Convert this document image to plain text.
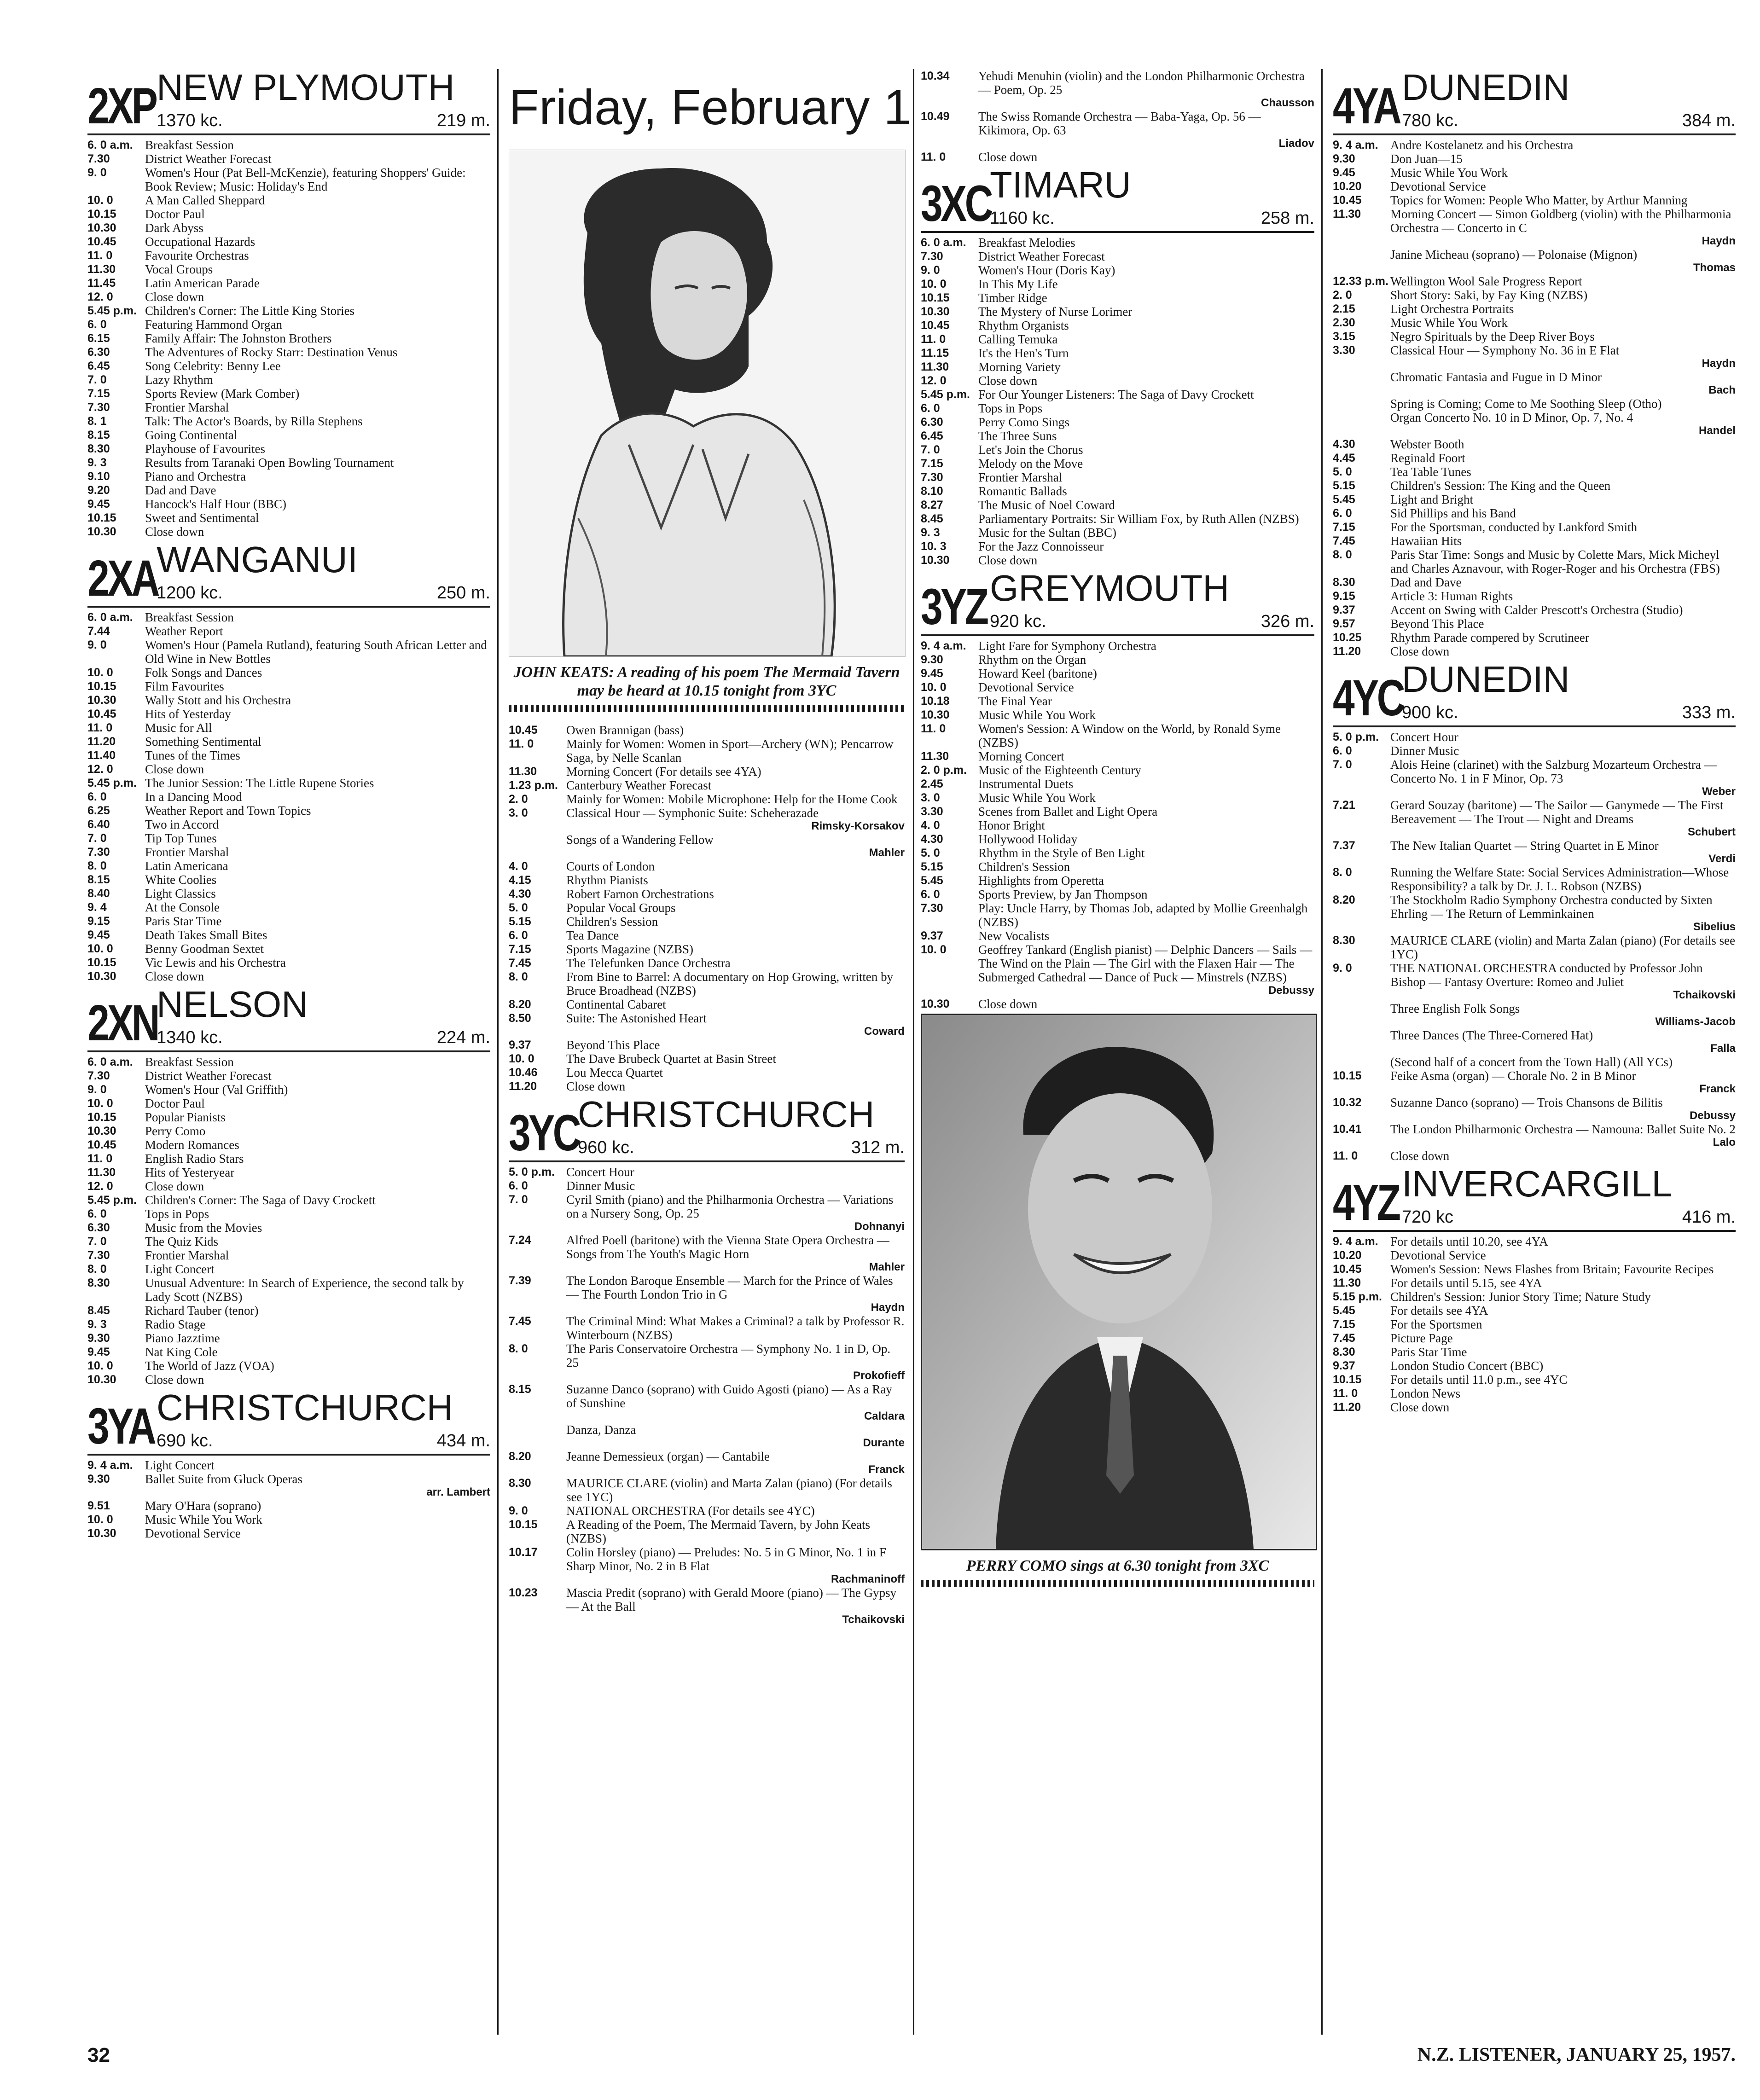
2XP NEW PLYMOUTH
1370 kc.	219 m.
6. 0 a.m. Breakfast Session
7.30	District Weather Forecast
9. 0	Women's Hour (Pat Bell-McKenzie), featuring Shoppers' Guide: Book Review; Music: Holiday's End
10. 0	A Man Called Sheppard
10.15	Doctor Paul
10.30	Dark Abyss
10.45	Occupational Hazards
11. 0	Favourite Orchestras
11.30	Vocal Groups
11.45	Latin American Parade
12. 0	Close down
5.45 p.m. Children's Corner: The Little King Stories
6. 0	Featuring Hammond Organ
6.15	Family Affair: The Johnston Brothers
6.30	The Adventures of Rocky Starr: Destination Venus
6.45	Song Celebrity: Benny Lee
7. 0	Lazy Rhythm
7.15	Sports Review (Mark Comber)
7.30	Frontier Marshal
8. 1	Talk: The Actor's Boards, by Rilla Stephens
8.15	Going Continental
8.30	Playhouse of Favourites
9. 3	Results from Taranaki Open Bowling Tournament
9.10	Piano and Orchestra
9.20	Dad and Dave
9.45	Hancock's Half Hour (BBC)
10.15	Sweet and Sentimental
10.30	Close down
2XA
WANGANUI
1200 kc.	250 m.
6. 0 a.m. Breakfast Session
7.44	Weather Report
9. 0	Women's Hour (Pamela Rutland), featuring South African Letter and Old Wine in New Bottles
10. 0	Folk Songs and Dances
10.15	Film Favourites
10.30	Wally Stott and his Orchestra
10.45	Hits of Yesterday
11. 0	Music for All
11.20	Something Sentimental
11.40	Tunes of the Times
12. 0	Close down
5.45 p.m. The Junior Session: The Little Rupene Stories
6. 0	In a Dancing Mood
6.25	Weather Report and Town Topics
6.40	Two in Accord
7. 0	Tip Top Tunes
7.30	Frontier Marshal
8. 0	Latin Americana
8.15	White Coolies
8.40	Light Classics
9. 4	At the Console
9.15	Paris Star Time
9.45	Death Takes Small Bites
10. 0	Benny Goodman Sextet
10.15	Vic Lewis and his Orchestra
10.30	Close down
2XN
NELSON
1340 kc.	224 m.
6. 0 a.m. Breakfast Session
7.30	District Weather Forecast
9. 0	Women's Hour (Val Griffith)
10. 0	Doctor Paul
10.15	Popular Pianists
10.30	Perry Como
10.45	Modern Romances
11. 0	English Radio Stars
11.30	Hits of Yesteryear
12. 0	Close down
5.45 p.m. Children's Corner: The Saga of Davy Crockett
6. 0	Tops in Pops
6.30	Music from the Movies
7. 0	The Quiz Kids
7.30	Frontier Marshal
8. 0	Light Concert
8.30	Unusual Adventure: In Search of Experience, the second talk by Lady Scott (NZBS)
8.45	Richard Tauber (tenor)
9. 3	Radio Stage
9.30	Piano Jazztime
9.45	Nat King Cole
10. 0	The World of Jazz (VOA)
10.30	Close down
3YA CHRISTCHURCH
690 kc.	434 m.
9. 4 a.m. Light Concert
9.30	Ballet Suite from Gluck Operas
arr. Lambert
9.51	Mary O'Hara (soprano)
10. 0	Music While You Work
10.30	Devotional Service
Friday, February 1
JOHN KEATS: A reading of his poem The Mermaid Tavern may be heard at 10.15 tonight from 3YC
10.45	Owen Brannigan (bass)
11. 0	Mainly for Women: Women in Sport—Archery (WN); Pencarrow Saga, by Nelle Scanlan
11.30	Morning Concert (For details see 4YA)
1.23 p.m. Canterbury Weather Forecast
2. 0	Mainly for Women: Mobile Microphone: Help for the Home Cook
3. 0	Classical Hour — Symphonic Suite: Scheherazade
Rimsky-Korsakov
Songs of a Wandering Fellow
Mahler
4. 0	Courts of London
4.15	Rhythm Pianists
4.30	Robert Farnon Orchestrations
5. 0	Popular Vocal Groups
5.15	Children's Session
6. 0	Tea Dance
7.15	Sports Magazine (NZBS)
7.45	The Telefunken Dance Orchestra
8. 0	From Bine to Barrel: A documentary on Hop Growing, written by Bruce Broadhead (NZBS)
8.20	Continental Cabaret
8.50	Suite: The Astonished Heart
Coward
9.37	Beyond This Place
10. 0	The Dave Brubeck Quartet at Basin Street
10.46	Lou Mecca Quartet
11.20	Close down
3YC
CHRISTCHURCH
960 kc.	312 m.
5. 0 p.m. Concert Hour
6. 0	Dinner Music
7. 0	Cyril Smith (piano) and the Philharmonia Orchestra — Variations on a Nursery Song, Op. 25
Dohnanyi
7.24	Alfred Poell (baritone) with the Vienna State Opera Orchestra — Songs from The Youth's Magic Horn
Mahler
7.39	The London Baroque Ensemble — March for the Prince of Wales — The Fourth London Trio in G
Haydn
7.45	The Criminal Mind: What Makes a Criminal? a talk by Professor R. Winterbourn (NZBS)
8. 0	The Paris Conservatoire Orchestra — Symphony No. 1 in D, Op. 25
Prokofieff
8.15	Suzanne Danco (soprano) with Guido Agosti (piano) — As a Ray of Sunshine
Caldara
Danza, Danza
Durante
8.20	Jeanne Demessieux (organ) — Cantabile
Franck
8.30	MAURICE CLARE (violin) and Marta Zalan (piano) (For details see 1YC)
9. 0	NATIONAL ORCHESTRA (For details see 4YC)
10.15	A Reading of the Poem, The Mermaid Tavern, by John Keats (NZBS)
10.17	Colin Horsley (piano) — Preludes: No. 5 in G Minor, No. 1 in F Sharp Minor, No. 2 in B Flat
Rachmaninoff
10.23	Mascia Predit (soprano) with Gerald Moore (piano) — The Gypsy — At the Ball
Tchaikovski
10.34	Yehudi Menuhin (violin) and the London Philharmonic Orchestra — Poem, Op. 25
Chausson
10.49	The Swiss Romande Orchestra — Baba-Yaga, Op. 56 — Kikimora, Op. 63
Liadov
11. 0	Close down
3XC
TIMARU
1160 kc.	258 m.
6. 0 a.m. Breakfast Melodies
7.30	District Weather Forecast
9. 0	Women's Hour (Doris Kay)
10. 0	In This My Life
10.15	Timber Ridge
10.30	The Mystery of Nurse Lorimer
10.45	Rhythm Organists
11. 0	Calling Temuka
11.15	It's the Hen's Turn
11.30	Morning Variety
12. 0	Close down
5.45 p.m. For Our Younger Listeners: The Saga of Davy Crockett
6. 0	Tops in Pops
6.30	Perry Como Sings
6.45	The Three Suns
7. 0	Let's Join the Chorus
7.15	Melody on the Move
7.30	Frontier Marshal
8.10	Romantic Ballads
8.27	The Music of Noel Coward
8.45	Parliamentary Portraits: Sir William Fox, by Ruth Allen (NZBS)
9. 3	Music for the Sultan (BBC)
10. 3	For the Jazz Connoisseur
10.30	Close down
3YZ GREYMOUTH
920 kc.	326 m.
9. 4 a.m. Light Fare for Symphony Orchestra
9.30	Rhythm on the Organ
9.45	Howard Keel (baritone)
10. 0	Devotional Service
10.18	The Final Year
10.30	Music While You Work
11. 0	Women's Session: A Window on the World, by Ronald Syme (NZBS)
11.30	Morning Concert
2. 0 p.m. Music of the Eighteenth Century
2.45	Instrumental Duets
3. 0	Music While You Work
3.30	Scenes from Ballet and Light Opera
4. 0	Honor Bright
4.30	Hollywood Holiday
5. 0	Rhythm in the Style of Ben Light
5.15	Children's Session
5.45	Highlights from Operetta
6. 0	Sports Preview, by Jan Thompson
7.30	Play: Uncle Harry, by Thomas Job, adapted by Mollie Greenhalgh (NZBS)
9.37	New Vocalists
10. 0	Geoffrey Tankard (English pianist) — Delphic Dancers — Sails — The Wind on the Plain — The Girl with the Flaxen Hair — The Submerged Cathedral — Dance of Puck — Minstrels (NZBS)
Debussy
10.30	Close down
PERRY COMO sings at 6.30 tonight from 3XC
4YA DUNEDIN
780 kc.	384 m.
9. 4 a.m. Andre Kostelanetz and his Orchestra
9.30	Don Juan—15
9.45	Music While You Work
10.20	Devotional Service
10.45	Topics for Women: People Who Matter, by Arthur Manning
11.30	Morning Concert — Simon Goldberg (violin) with the Philharmonia Orchestra — Concerto in C
Haydn
Janine Micheau (soprano) — Polonaise (Mignon)
Thomas
12.33 p.m. Wellington Wool Sale Progress Report
2. 0	Short Story: Saki, by Fay King (NZBS)
2.15	Light Orchestra Portraits
2.30	Music While You Work
3.15	Negro Spirituals by the Deep River Boys
3.30	Classical Hour — Symphony No. 36 in E Flat
Haydn
Chromatic Fantasia and Fugue in D Minor
Bach
Spring is Coming; Come to Me Soothing Sleep (Otho)
Organ Concerto No. 10 in D Minor, Op. 7, No. 4
Handel
4.30	Webster Booth
4.45	Reginald Foort
5. 0	Tea Table Tunes
5.15	Children's Session: The King and the Queen
5.45	Light and Bright
6. 0	Sid Phillips and his Band
7.15	For the Sportsman, conducted by Lankford Smith
7.45	Hawaiian Hits
8. 0	Paris Star Time: Songs and Music by Colette Mars, Mick Micheyl and Charles Aznavour, with Roger-Roger and his Orchestra (FBS)
8.30	Dad and Dave
9.15	Article 3: Human Rights
9.37	Accent on Swing with Calder Prescott's Orchestra (Studio)
9.57	Beyond This Place
10.25	Rhythm Parade compered by Scrutineer
11.20	Close down
4YC
DUNEDIN
900 kc.	333 m.
5. 0 p.m. Concert Hour
6. 0	Dinner Music
7. 0	Alois Heine (clarinet) with the Salzburg Mozarteum Orchestra — Concerto No. 1 in F Minor, Op. 73
Weber
7.21	Gerard Souzay (baritone) — The Sailor — Ganymede — The First Bereavement — The Trout — Night and Dreams
Schubert
7.37	The New Italian Quartet — String Quartet in E Minor
Verdi
8. 0	Running the Welfare State: Social Services Administration—Whose Responsibility? a talk by Dr. J. L. Robson (NZBS)
8.20	The Stockholm Radio Symphony Orchestra conducted by Sixten Ehrling — The Return of Lemminkainen
Sibelius
8.30	MAURICE CLARE (violin) and Marta Zalan (piano) (For details see 1YC)
9. 0	THE NATIONAL ORCHESTRA conducted by Professor John Bishop — Fantasy Overture: Romeo and Juliet
Tchaikovski
Three English Folk Songs
Williams-Jacob
Three Dances (The Three-Cornered Hat)
Falla
(Second half of a concert from the Town Hall) (All YCs)
10.15	Feike Asma (organ) — Chorale No. 2 in B Minor
Franck
10.32	Suzanne Danco (soprano) — Trois Chansons de Bilitis
Debussy
10.41	The London Philharmonic Orchestra — Namouna: Ballet Suite No. 2
Lalo
11. 0	Close down
4YZ INVERCARGILL
720 kc	416 m.
9. 4 a.m. For details until 10.20, see 4YA
10.20	Devotional Service
10.45	Women's Session: News Flashes from Britain; Favourite Recipes
11.30	For details until 5.15, see 4YA
5.15 p.m. Children's Session: Junior Story Time; Nature Study
5.45	For details see 4YA
7.15	For the Sportsmen
7.45	Picture Page
8.30	Paris Star Time
9.37	London Studio Concert (BBC)
10.15	For details until 11.0 p.m., see 4YC
11. 0	London News
11.20	Close down
32	N.Z. LISTENER, JANUARY 25, 1957.
